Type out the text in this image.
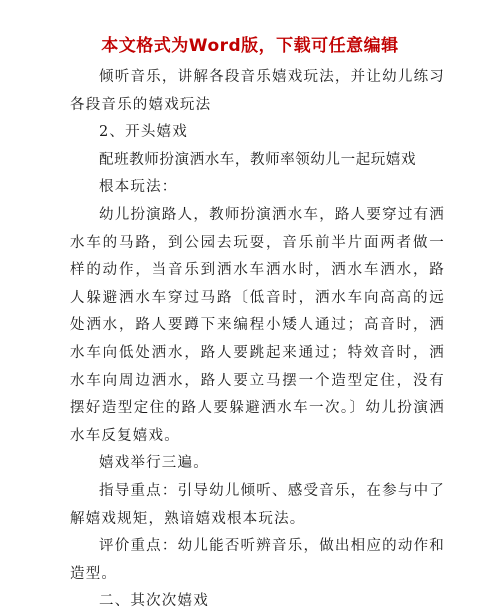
本文格式为Word版，下载可任意编辑

倾听音乐，讲解各段音乐嬉戏玩法，并让幼儿练习各段音乐的嬉戏玩法

2、开头嬉戏

配班教师扮演洒水车，教师率领幼儿一起玩嬉戏

根本玩法：

幼儿扮演路人，教师扮演洒水车，路人要穿过有洒水车的马路，到公园去玩耍，音乐前半片面两者做一样的动作，当音乐到洒水车洒水时，洒水车洒水，路人躲避洒水车穿过马路〔低音时，洒水车向高高的远处洒水，路人要蹲下来编程小矮人通过；高音时，洒水车向低处洒水，路人要跳起来通过；特效音时，洒水车向周边洒水，路人要立马摆一个造型定住，没有摆好造型定住的路人要躲避洒水车一次。〕幼儿扮演洒水车反复嬉戏。

嬉戏举行三遍。

指导重点：引导幼儿倾听、感受音乐，在参与中了解嬉戏规矩，熟谙嬉戏根本玩法。

评价重点：幼儿能否听辨音乐，做出相应的动作和造型。

二、其次次嬉戏
